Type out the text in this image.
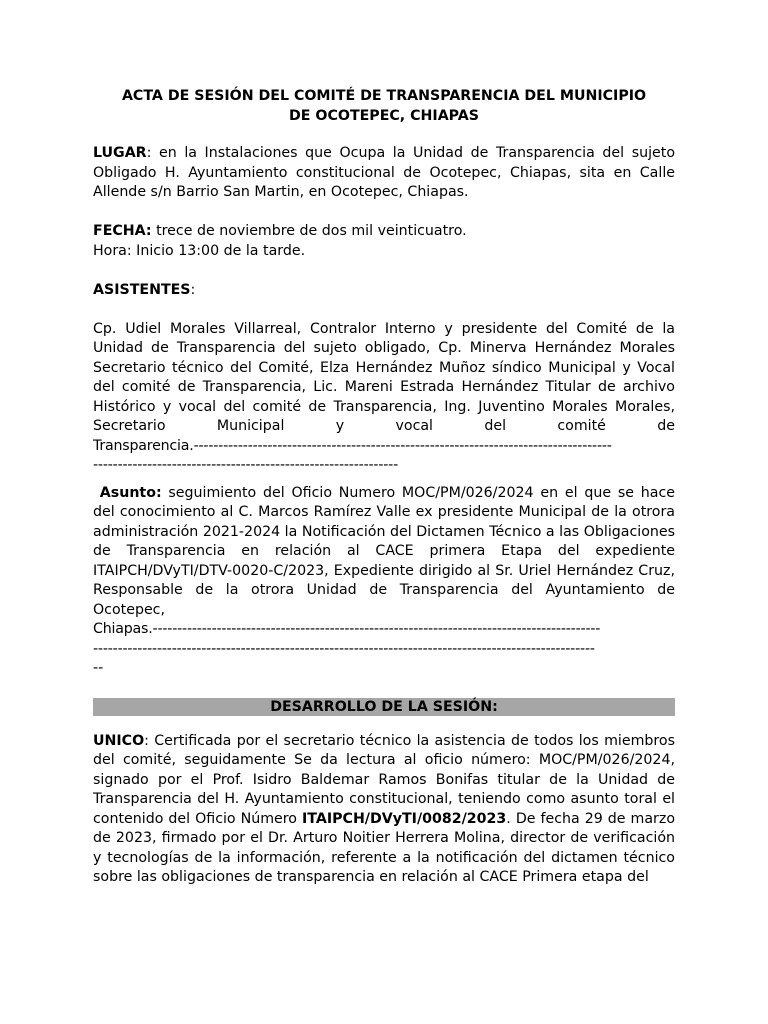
ACTA DE SESIÓN DEL COMITÉ DE TRANSPARENCIA DEL MUNICIPIO
DE OCOTEPEC, CHIAPAS

LUGAR: en la Instalaciones que Ocupa la Unidad de Transparencia del sujeto Obligado H. Ayuntamiento constitucional de Ocotepec, Chiapas, sita en Calle Allende s/n Barrio San Martin, en Ocotepec, Chiapas.

FECHA: trece de noviembre de dos mil veinticuatro.

Hora: Inicio 13:00 de la tarde.

ASISTENTES:

Cp. Udiel Morales Villarreal, Contralor Interno y presidente del Comité de la Unidad de Transparencia del sujeto obligado, Cp. Minerva Hernández Morales Secretario técnico del Comité, Elza Hernández Muñoz síndico Municipal y Vocal del comité de Transparencia, Lic. Mareni Estrada Hernández Titular de archivo Histórico y vocal del comité de Transparencia, Ing. Juventino Morales Morales, Secretario Municipal y vocal del comité de

Transparencia.-------------------------------------------------------------------------------------

--------------------------------------------------------------

Asunto: seguimiento del Oficio Numero MOC/PM/026/2024 en el que se hace del conocimiento al C. Marcos Ramírez Valle ex presidente Municipal de la otrora administración 2021-2024 la Notificación del Dictamen Técnico a las Obligaciones de Transparencia en relación al CACE primera Etapa del expediente ITAIPCH/DVyTI/DTV-0020-C/2023, Expediente dirigido al Sr. Uriel Hernández Cruz, Responsable de la otrora Unidad de Transparencia del Ayuntamiento de Ocotepec,

Chiapas.-------------------------------------------------------------------------------------------

------------------------------------------------------------------------------------------------------

--

DESARROLLO DE LA SESIÓN:

UNICO: Certificada por el secretario técnico la asistencia de todos los miembros del comité, seguidamente Se da lectura al oficio número: MOC/PM/026/2024, signado por el Prof. Isidro Baldemar Ramos Bonifas titular de la Unidad de Transparencia del H. Ayuntamiento constitucional, teniendo como asunto toral el contenido del Oficio Número ITAIPCH/DVyTI/0082/2023. De fecha 29 de marzo de 2023, firmado por el Dr. Arturo Noitier Herrera Molina, director de verificación y tecnologías de la información, referente a la notificación del dictamen técnico sobre las obligaciones de transparencia en relación al CACE Primera etapa del
